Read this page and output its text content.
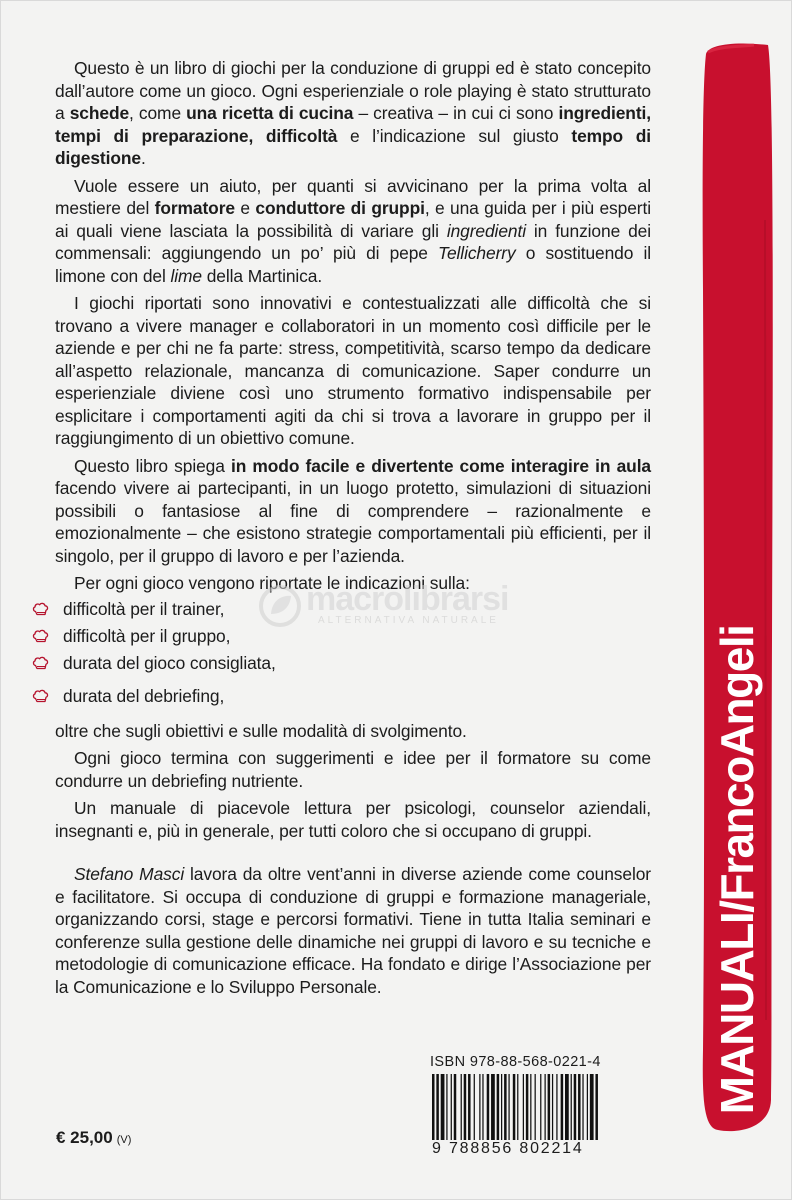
Questo è un libro di giochi per la conduzione di gruppi ed è stato concepito dall’autore come un gioco. Ogni esperienziale o role playing è stato strutturato a schede, come una ricetta di cucina – creativa – in cui ci sono ingredienti, tempi di preparazione, difficoltà e l’indicazione sul giusto tempo di digestione.

Vuole essere un aiuto, per quanti si avvicinano per la prima volta al mestiere del formatore e conduttore di gruppi, e una guida per i più esperti ai quali viene lasciata la possibilità di variare gli ingredienti in funzione dei commensali: aggiungendo un po’ più di pepe Tellicherry o sostituendo il limone con del lime della Martinica.

I giochi riportati sono innovativi e contestualizzati alle difficoltà che si trovano a vivere manager e collaboratori in un momento così difficile per le aziende e per chi ne fa parte: stress, competitività, scarso tempo da dedicare all’aspetto relazionale, mancanza di comunicazione. Saper condurre un esperienziale diviene così uno strumento formativo indispensabile per esplicitare i comportamenti agiti da chi si trova a lavorare in gruppo per il raggiungimento di un obiettivo comune.

Questo libro spiega in modo facile e divertente come interagire in aula facendo vivere ai partecipanti, in un luogo protetto, simulazioni di situazioni possibili o fantasiose al fine di comprendere – razionalmente e emozionalmente – che esistono strategie comportamentali più efficienti, per il singolo, per il gruppo di lavoro e per l’azienda.

Per ogni gioco vengono riportate le indicazioni sulla:

difficoltà per il trainer,
difficoltà per il gruppo,
durata del gioco consigliata,
durata del debriefing,

oltre che sugli obiettivi e sulle modalità di svolgimento.

Ogni gioco termina con suggerimenti e idee per il formatore su come condurre un debriefing nutriente.

Un manuale di piacevole lettura per psicologi, counselor aziendali, insegnanti e, più in generale, per tutti coloro che si occupano di gruppi.

Stefano Masci lavora da oltre vent’anni in diverse aziende come counselor e facilitatore. Si occupa di conduzione di gruppi e formazione manageriale, organizzando corsi, stage e percorsi formativi. Tiene in tutta Italia seminari e conferenze sulla gestione delle dinamiche nei gruppi di lavoro e su tecniche e metodologie di comunicazione efficace. Ha fondato e dirige l’Associazione per la Comunicazione e lo Sviluppo Personale.

macrolibrarsi
ALTERNATIVA NATURALE
MANUALI/FrancoAngeli
ISBN 978-88-568-0221-4
9 788856 802214
€ 25,00 (V)
